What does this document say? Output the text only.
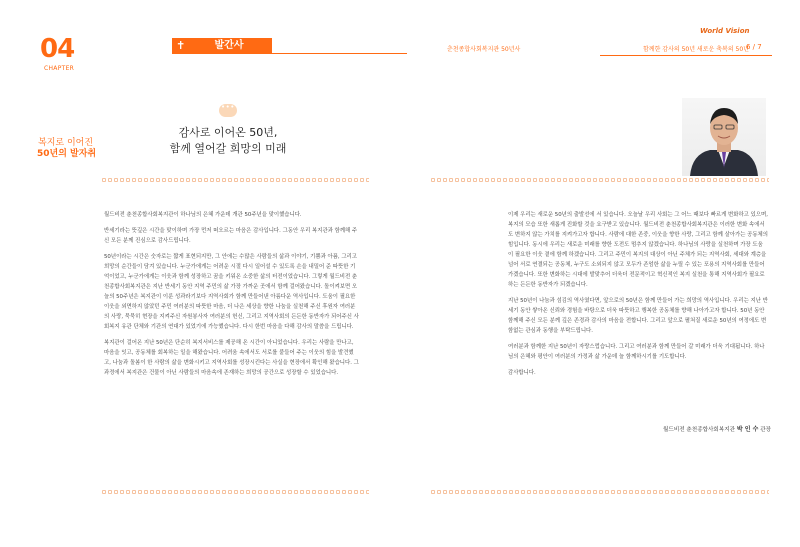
04
CHAPTER
복지로 이어진
50년의 발자취
✝	발간사
World Vision
춘천종합사회복지관 50년사	함께한 감사의 50년 새로운 축복의 50년
6 / 7
•••
감사로 이어온 50년,
함께 열어갈 희망의 미래

월드비전 춘천종합사회복지관이 하나님의 은혜 가운데 개관 50주년을 맞이했습니다.

반세기라는 뜻깊은 시간을 맞이하며 가장 먼저 떠오르는 마음은 감사입니다. 그동안 우리 복지관과 함께해 주신 모든 분께 진심으로 감사드립니다.

50년이라는 시간은 숫자로는 짧게 표현되지만, 그 안에는 수많은 사람들의 삶과 이야기, 기쁨과 아픔, 그리고 희망의 순간들이 담겨 있습니다. 누군가에게는 어려운 시절 다시 일어설 수 있도록 손을 내밀어 준 따뜻한 기억이었고, 누군가에게는 이웃과 함께 성장하고 꿈을 키워온 소중한 삶의 터전이었습니다. 그렇게 월드비전 춘천종합사회복지관은 지난 반세기 동안 지역 주민의 삶 가장 가까운 곳에서 함께 걸어왔습니다. 돌이켜보면 오늘의 50주년은 복지관이 이룬 성과라기보다 지역사회가 함께 만들어낸 아름다운 역사입니다. 도움이 필요한 이웃을 외면하지 않았던 주민 여러분의 따뜻한 마음, 더 나은 세상을 향한 나눔을 실천해 주신 후원자 여러분의 사랑, 묵묵히 현장을 지켜주신 자원봉사자 여러분의 헌신, 그리고 지역사회의 든든한 동반자가 되어주신 사회복지 유관 단체와 기관의 연대가 있었기에 가능했습니다. 다시 한번 마음을 다해 감사의 말씀을 드립니다.

복지관이 걸어온 지난 50년은 단순히 복지서비스를 제공해 온 시간이 아니었습니다. 우리는 사람을 만나고, 마음을 잇고, 공동체를 회복하는 일을 해왔습니다. 어려움 속에서도 서로를 붙들어 주는 이웃의 힘을 발견했고, 나눔과 돌봄이 한 사람의 삶을 변화시키고 지역사회를 성장시킨다는 사실을 현장에서 확인해 왔습니다. 그 과정에서 복지관은 건물이 아닌 사람들의 마음속에 존재하는 희망의 공간으로 성장할 수 있었습니다.

이제 우리는 새로운 50년의 출발선에 서 있습니다. 오늘날 우리 사회는 그 어느 때보다 빠르게 변화하고 있으며, 복지의 모습 또한 새롭게 진화할 것을 요구받고 있습니다. 월드비전 춘천종합사회복지관은 이러한 변화 속에서도 변하지 않는 가치를 지켜가고자 합니다. 사람에 대한 존중, 이웃을 향한 사랑, 그리고 함께 살아가는 공동체의 힘입니다. 동시에 우리는 새로운 미래를 향한 도전도 멈추지 않겠습니다. 하나님의 사랑을 실천하며 가장 도움이 필요한 이웃 곁에 함께 하겠습니다. 그리고 주민이 복지의 대상이 아닌 주체가 되는 지역사회, 세대와 계층을 넘어 서로 연결되는 공동체, 누구도 소외되지 않고 모두가 존엄한 삶을 누릴 수 있는 포용의 지역사회를 만들어 가겠습니다. 또한 변화하는 시대에 발맞추어 더욱더 전문적이고 혁신적인 복지 실천을 통해 지역사회가 필요로 하는 든든한 동반자가 되겠습니다.

지난 50년이 나눔과 섬김의 역사였다면, 앞으로의 50년은 함께 만들어 가는 희망의 역사입니다. 우리는 지난 반세기 동안 쌓아온 신뢰와 경험을 바탕으로 더욱 따뜻하고 행복한 공동체를 향해 나아가고자 합니다. 50년 동안 함께해 주신 모든 분께 깊은 존경과 감사의 마음을 전합니다. 그리고 앞으로 펼쳐질 새로운 50년의 여정에도 변함없는 관심과 동행을 부탁드립니다.

여러분과 함께한 지난 50년이 자랑스럽습니다. 그리고 여러분과 함께 만들어 갈 미래가 더욱 기대됩니다. 하나님의 은혜와 평안이 여러분의 가정과 삶 가운데 늘 함께하시기를 기도합니다.

감사합니다.

월드비전 춘천종합사회복지관 박 인 수 관장
